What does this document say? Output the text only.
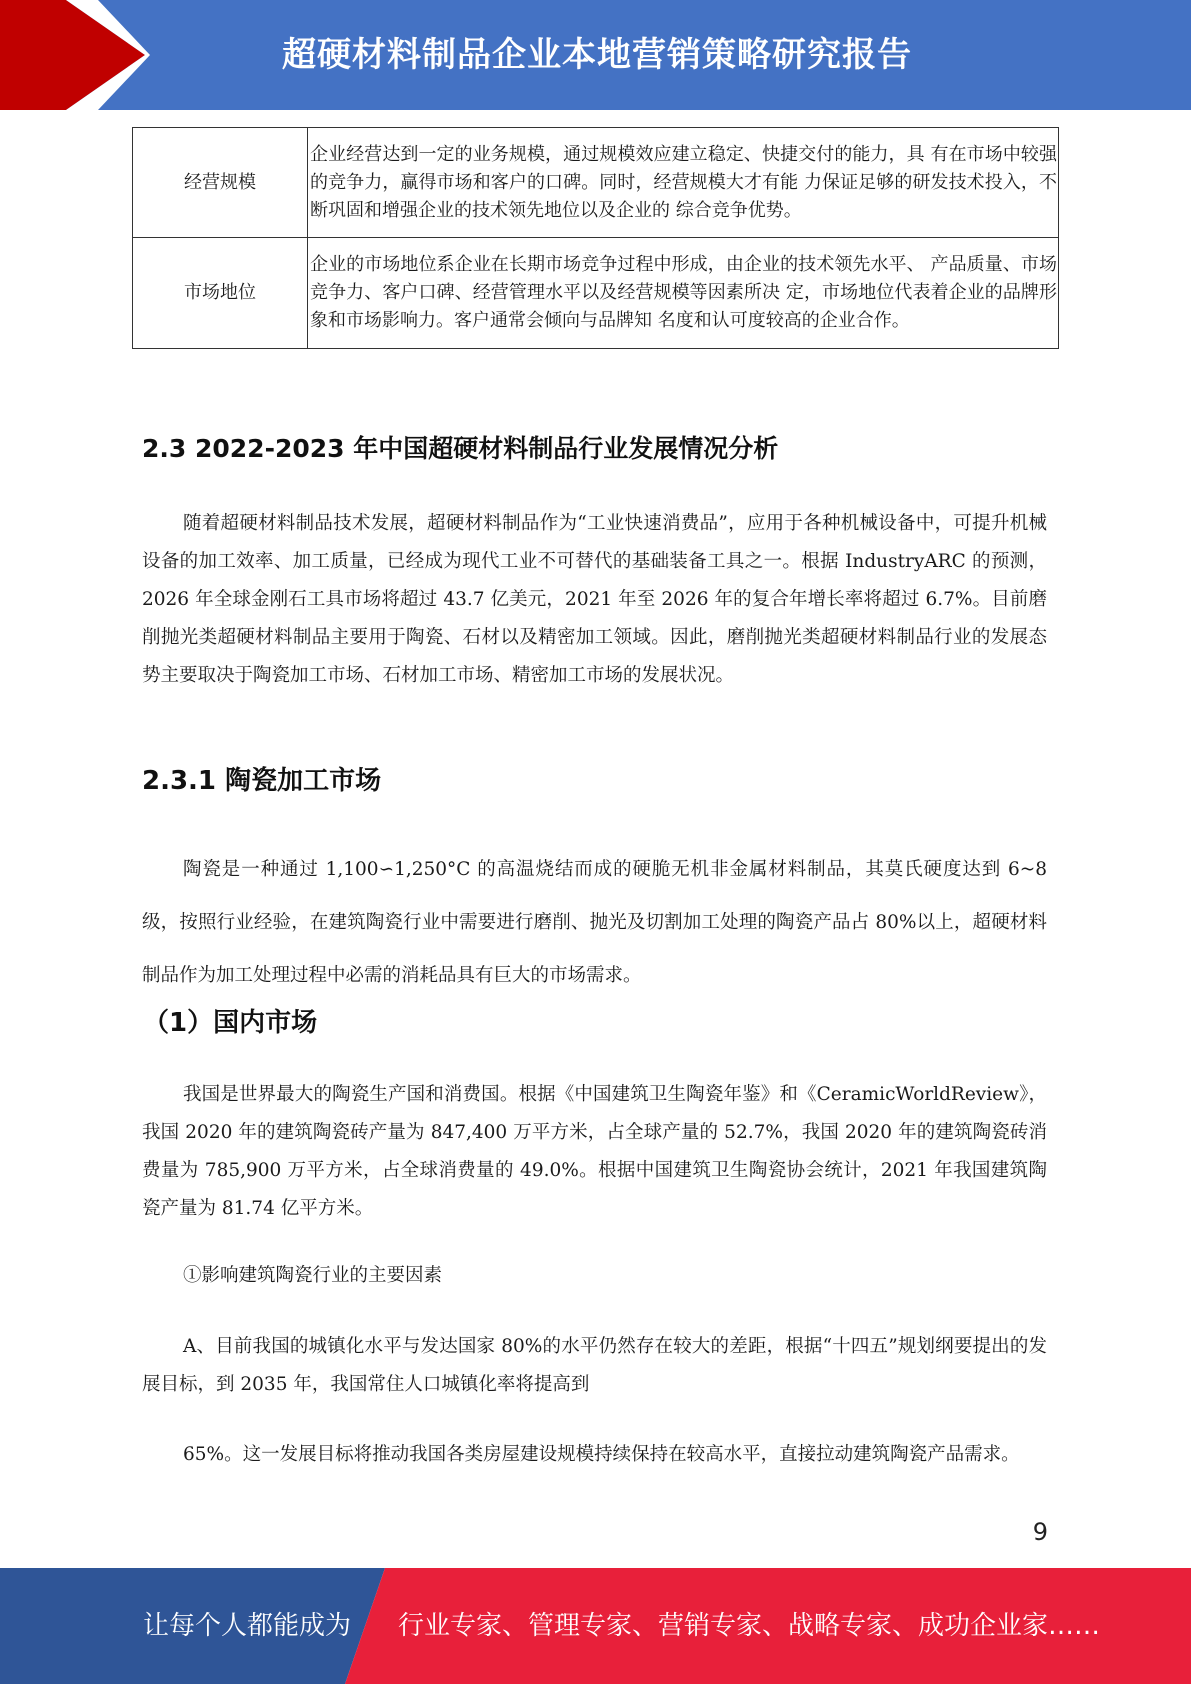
超硬材料制品企业本地营销策略研究报告
经营规模	企业经营达到一定的业务规模，通过规模效应建立稳定、快捷交付的能力，具 有在市场中较强的竞争力，赢得市场和客户的口碑。同时，经营规模大才有能 力保证足够的研发技术投入，不断巩固和增强企业的技术领先地位以及企业的 综合竞争优势。
市场地位	企业的市场地位系企业在长期市场竞争过程中形成，由企业的技术领先水平、 产品质量、市场竞争力、客户口碑、经营管理水平以及经营规模等因素所决 定，市场地位代表着企业的品牌形象和市场影响力。客户通常会倾向与品牌知 名度和认可度较高的企业合作。
2.3 2022-2023 年中国超硬材料制品行业发展情况分析

随着超硬材料制品技术发展，超硬材料制品作为“工业快速消费品”，应用于各种机械设备中，可提升机械设备的加工效率、加工质量，已经成为现代工业不可替代的基础装备工具之一。根据 IndustryARC 的预测，2026 年全球金刚石工具市场将超过 43.7 亿美元，2021 年至 2026 年的复合年增长率将超过 6.7%。目前磨削抛光类超硬材料制品主要用于陶瓷、石材以及精密加工领域。因此，磨削抛光类超硬材料制品行业的发展态势主要取决于陶瓷加工市场、石材加工市场、精密加工市场的发展状况。

2.3.1 陶瓷加工市场

陶瓷是一种通过 1,100∽1,250°C 的高温烧结而成的硬脆无机非金属材料制品，其莫氏硬度达到 6~8 级，按照行业经验，在建筑陶瓷行业中需要进行磨削、抛光及切割加工处理的陶瓷产品占 80%以上，超硬材料制品作为加工处理过程中必需的消耗品具有巨大的市场需求。

（1）国内市场

我国是世界最大的陶瓷生产国和消费国。根据《中国建筑卫生陶瓷年鉴》和《CeramicWorldReview》，我国 2020 年的建筑陶瓷砖产量为 847,400 万平方米，占全球产量的 52.7%，我国 2020 年的建筑陶瓷砖消费量为 785,900 万平方米，占全球消费量的 49.0%。根据中国建筑卫生陶瓷协会统计，2021 年我国建筑陶瓷产量为 81.74 亿平方米。

①影响建筑陶瓷行业的主要因素

A、目前我国的城镇化水平与发达国家 80%的水平仍然存在较大的差距，根据“十四五”规划纲要提出的发展目标，到 2035 年，我国常住人口城镇化率将提高到

65%。这一发展目标将推动我国各类房屋建设规模持续保持在较高水平，直接拉动建筑陶瓷产品需求。

9
让每个人都能成为 行业专家、管理专家、营销专家、战略专家、成功企业家……
